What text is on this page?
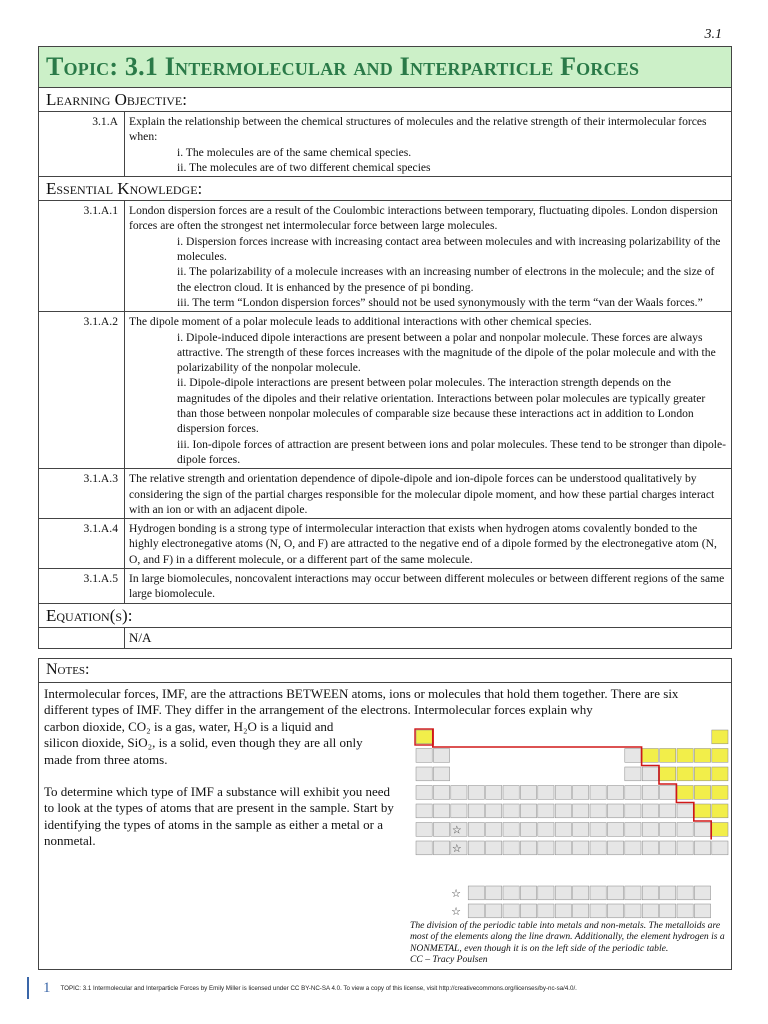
3.1
Topic: 3.1 Intermolecular and Interparticle Forces
Learning Objective:
3.1.A Explain the relationship between the chemical structures of molecules and the relative strength of their intermolecular forces when:
i. The molecules are of the same chemical species.
ii. The molecules are of two different chemical species
Essential Knowledge:
3.1.A.1 London dispersion forces are a result of the Coulombic interactions between temporary, fluctuating dipoles. London dispersion forces are often the strongest net intermolecular force between large molecules.
i. Dispersion forces increase with increasing contact area between molecules and with increasing polarizability of the molecules.
ii. The polarizability of a molecule increases with an increasing number of electrons in the molecule; and the size of the electron cloud. It is enhanced by the presence of pi bonding.
iii. The term “London dispersion forces” should not be used synonymously with the term “van der Waals forces.”
3.1.A.2 The dipole moment of a polar molecule leads to additional interactions with other chemical species.
i. Dipole-induced dipole interactions are present between a polar and nonpolar molecule. These forces are always attractive. The strength of these forces increases with the magnitude of the dipole of the polar molecule and with the polarizability of the nonpolar molecule.
ii. Dipole-dipole interactions are present between polar molecules. The interaction strength depends on the magnitudes of the dipoles and their relative orientation. Interactions between polar molecules are typically greater than those between nonpolar molecules of comparable size because these interactions act in addition to London dispersion forces.
iii. Ion-dipole forces of attraction are present between ions and polar molecules. These tend to be stronger than dipole-dipole forces.
3.1.A.3 The relative strength and orientation dependence of dipole-dipole and ion-dipole forces can be understood qualitatively by considering the sign of the partial charges responsible for the molecular dipole moment, and how these partial charges interact with an ion or with an adjacent dipole.
3.1.A.4 Hydrogen bonding is a strong type of intermolecular interaction that exists when hydrogen atoms covalently bonded to the highly electronegative atoms (N, O, and F) are attracted to the negative end of a dipole formed by the electronegative atom (N, O, and F) in a different molecule, or a different part of the same molecule.
3.1.A.5 In large biomolecules, noncovalent interactions may occur between different molecules or between different regions of the same large biomolecule.
Equation(s):
N/A
Notes:
Intermolecular forces, IMF, are the attractions BETWEEN atoms, ions or molecules that hold them together. There are six different types of IMF. They differ in the arrangement of the electrons. Intermolecular forces explain why
carbon dioxide, CO₂ is a gas, water, H₂O is a liquid and
silicon dioxide, SiO₂, is a solid, even though they are all only made from three atoms.
To determine which type of IMF a substance will exhibit you need to look at the types of atoms that are present in the sample. Start by identifying the types of atoms in the sample as either a metal or a nonmetal.
☆
☆
☆
☆
The division of the periodic table into metals and non-metals. The metalloids are most of the elements along the line drawn. Additionally, the element hydrogen is a NONMETAL, even though it is on the left side of the periodic table.
CC – Tracy Poulsen
1 TOPIC: 3.1 Intermolecular and Interparticle Forces by Emily Miller is licensed under CC BY-NC-SA 4.0. To view a copy of this license, visit http://creativecommons.org/licenses/by-nc-sa/4.0/.
